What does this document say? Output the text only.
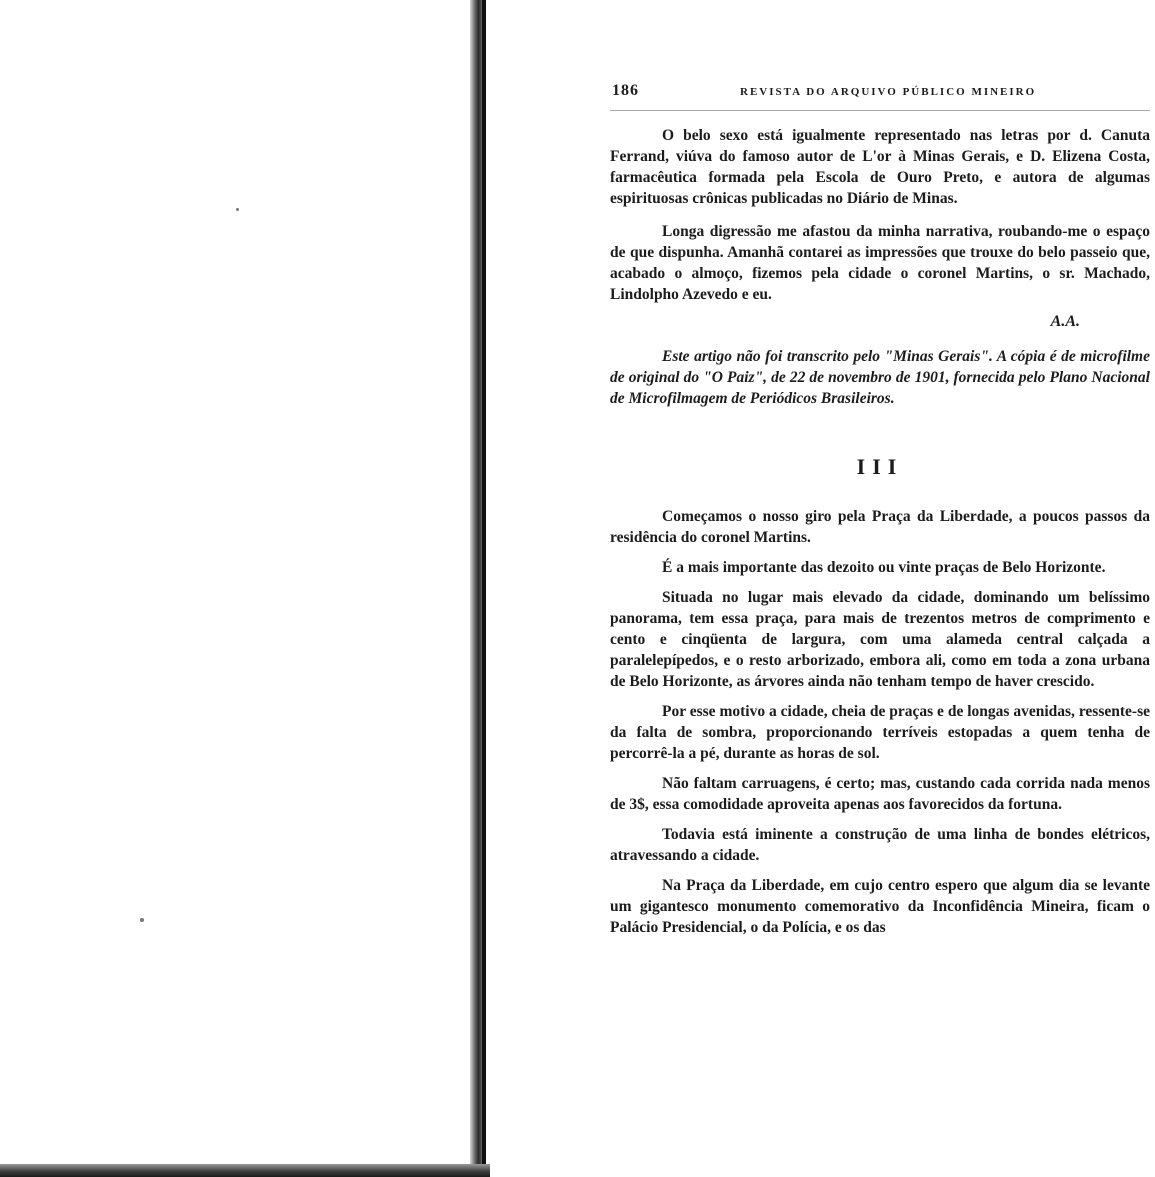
186	REVISTA DO ARQUIVO PÚBLICO MINEIRO

O belo sexo está igualmente representado nas letras por d. Canuta Ferrand, viúva do famoso autor de L'or à Minas Gerais, e D. Elizena Costa, farmacêutica formada pela Escola de Ouro Preto, e autora de algumas espirituosas crônicas publicadas no Diário de Minas.

Longa digressão me afastou da minha narrativa, roubando-me o espaço de que dispunha. Amanhã contarei as impressões que trouxe do belo passeio que, acabado o almoço, fizemos pela cidade o coronel Martins, o sr. Machado, Lindolpho Azevedo e eu.

A.A.

Este artigo não foi transcrito pelo "Minas Gerais". A cópia é de microfilme de original do "O Paiz", de 22 de novembro de 1901, fornecida pelo Plano Nacional de Microfilmagem de Periódicos Brasileiros.

III

Começamos o nosso giro pela Praça da Liberdade, a poucos passos da residência do coronel Martins.

É a mais importante das dezoito ou vinte praças de Belo Horizonte.

Situada no lugar mais elevado da cidade, dominando um belíssimo panorama, tem essa praça, para mais de trezentos metros de comprimento e cento e cinqüenta de largura, com uma alameda central calçada a paralelepípedos, e o resto arborizado, embora ali, como em toda a zona urbana de Belo Horizonte, as árvores ainda não tenham tempo de haver crescido.

Por esse motivo a cidade, cheia de praças e de longas avenidas, ressente-se da falta de sombra, proporcionando terríveis estopadas a quem tenha de percorrê-la a pé, durante as horas de sol.

Não faltam carruagens, é certo; mas, custando cada corrida nada menos de 3$, essa comodidade aproveita apenas aos favorecidos da fortuna.

Todavia está iminente a construção de uma linha de bondes elétricos, atravessando a cidade.

Na Praça da Liberdade, em cujo centro espero que algum dia se levante um gigantesco monumento comemorativo da Inconfidência Mineira, ficam o Palácio Presidencial, o da Polícia, e os das
